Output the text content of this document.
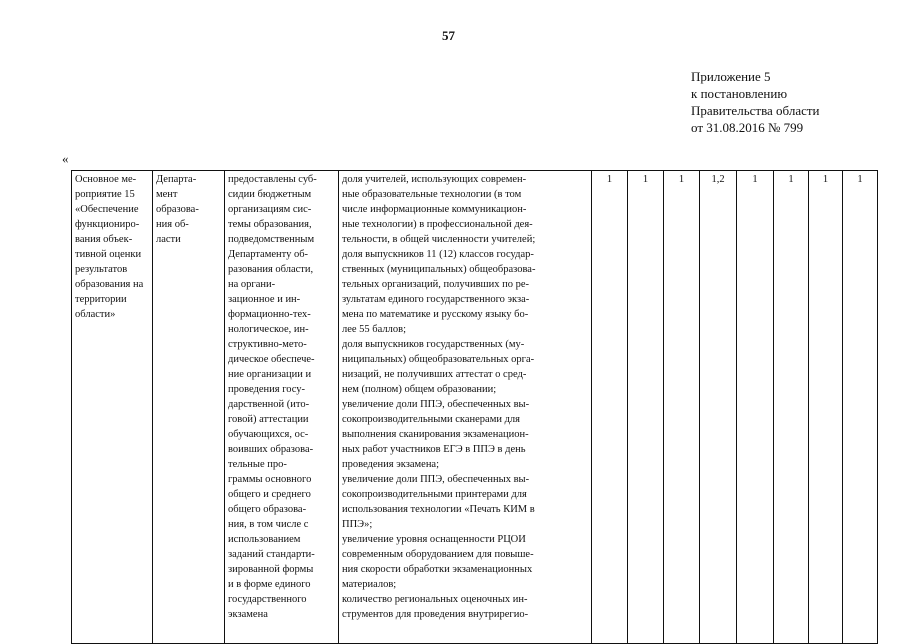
57
Приложение 5
к постановлению
Правительства области
от 31.08.2016 № 799
«
Основное ме-
роприятие 15
«Обеспечение
функциониро-
вания объек-
тивной оценки
результатов
образования на
территории
области»

Департа-
мент
образова-
ния об-
ласти

предоставлены суб-
сидии бюджетным
организациям сис-
темы образования,
подведомственным
Департаменту об-
разования области,
на органи-
зационное и ин-
формационно-тех-
нологическое, ин-
структивно-мето-
дическое обеспече-
ние организации и
проведения госу-
дарственной (ито-
говой) аттестации
обучающихся, ос-
воивших образова-
тельные про-
граммы основного
общего и среднего
общего образова-
ния, в том числе с
использованием
заданий стандарти-
зированной формы
и в форме единого
государственного
экзамена

доля учителей, использующих современ-
ные образовательные технологии (в том
числе информационные коммуникацион-
ные технологии) в профессиональной дея-
тельности, в общей численности учителей;
доля выпускников 11 (12) классов государ-
ственных (муниципальных) общеобразова-
тельных организаций, получивших по ре-
зультатам единого государственного экза-
мена по математике и русскому языку бо-
лее 55 баллов;
доля выпускников государственных (му-
ниципальных) общеобразовательных орга-
низаций, не получивших аттестат о сред-
нем (полном) общем образовании;
увеличение доли ППЭ, обеспеченных вы-
сокопроизводительными сканерами для
выполнения сканирования экзаменацион-
ных работ участников ЕГЭ в ППЭ в день
проведения экзамена;
увеличение доли ППЭ, обеспеченных вы-
сокопроизводительными принтерами для
использования технологии «Печать КИМ в
ППЭ»;
увеличение уровня оснащенности РЦОИ
современным оборудованием для повыше-
ния скорости обработки экзаменационных
материалов;
количество региональных оценочных ин-
струментов для проведения внутрирегио-
	1	1	1	1,2	1	1	1	1
